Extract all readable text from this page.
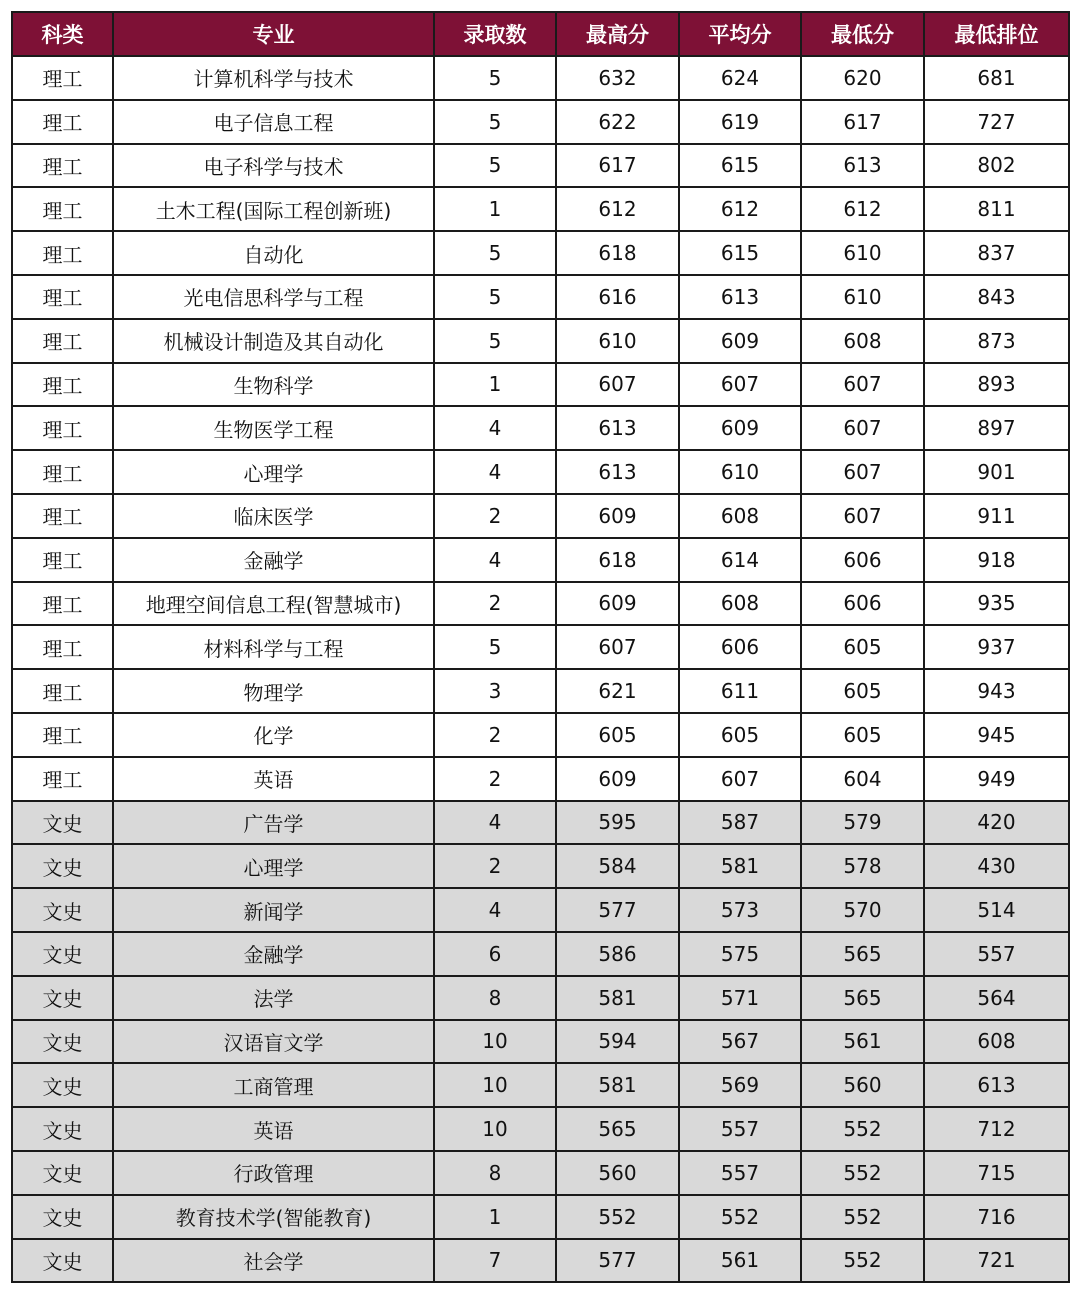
科类	专业	录取数	最高分	平均分	最低分	最低排位
理工	计算机科学与技术	5	632	624	620	681
理工	电子信息工程	5	622	619	617	727
理工	电子科学与技术	5	617	615	613	802
理工	土木工程(国际工程创新班)	1	612	612	612	811
理工	自动化	5	618	615	610	837
理工	光电信思科学与工程	5	616	613	610	843
理工	机械设计制造及其自动化	5	610	609	608	873
理工	生物科学	1	607	607	607	893
理工	生物医学工程	4	613	609	607	897
理工	心理学	4	613	610	607	901
理工	临床医学	2	609	608	607	911
理工	金融学	4	618	614	606	918
理工	地理空间信息工程(智慧城市)	2	609	608	606	935
理工	材料科学与工程	5	607	606	605	937
理工	物理学	3	621	611	605	943
理工	化学	2	605	605	605	945
理工	英语	2	609	607	604	949
文史	广告学	4	595	587	579	420
文史	心理学	2	584	581	578	430
文史	新闻学	4	577	573	570	514
文史	金融学	6	586	575	565	557
文史	法学	8	581	571	565	564
文史	汉语盲文学	10	594	567	561	608
文史	工商管理	10	581	569	560	613
文史	英语	10	565	557	552	712
文史	行政管理	8	560	557	552	715
文史	教育技术学(智能教育)	1	552	552	552	716
文史	社会学	7	577	561	552	721
